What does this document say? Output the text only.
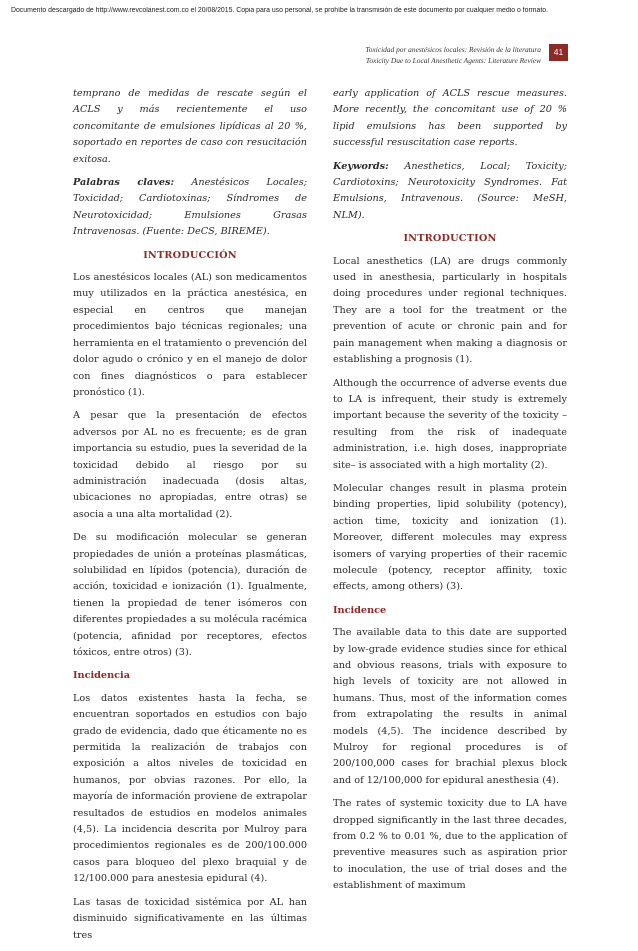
Documento descargado de http://www.revcolanest.com.co el 20/08/2015. Copia para uso personal, se prohíbe la transmisión de este documento por cualquier medio o formato.
Toxicidad por anestésicos locales: Revisión de la literatura
Toxicity Due to Local Anesthetic Agents: Literature Review
41

temprano de medidas de rescate según el ACLS y más recientemente el uso concomitante de emulsiones lipídicas al 20 %, soportado en reportes de caso con resucitación exitosa.

Palabras claves: Anestésicos Locales; Toxicidad; Cardiotoxinas; Síndromes de Neurotoxicidad; Emulsiones Grasas Intravenosas. (Fuente: DeCS, BIREME).

INTRODUCCIÓN

Los anestésicos locales (AL) son medicamentos muy utilizados en la práctica anestésica, en especial en centros que manejan procedimientos bajo técnicas regionales; una herramienta en el tratamiento o prevención del dolor agudo o crónico y en el manejo de dolor con fines diagnósticos o para establecer pronóstico (1).

A pesar que la presentación de efectos adversos por AL no es frecuente; es de gran importancia su estudio, pues la severidad de la toxicidad debido al riesgo por su administración inadecuada (dosis altas, ubicaciones no apropiadas, entre otras) se asocia a una alta mortalidad (2).

De su modificación molecular se generan propiedades de unión a proteínas plasmáticas, solubilidad en lípidos (potencia), duración de acción, toxicidad e ionización (1). Igualmente, tienen la propiedad de tener isómeros con diferentes propiedades a su molécula racémica (potencia, afinidad por receptores, efectos tóxicos, entre otros) (3).

Incidencia

Los datos existentes hasta la fecha, se encuentran soportados en estudios con bajo grado de evidencia, dado que éticamente no es permitida la realización de trabajos con exposición a altos niveles de toxicidad en humanos, por obvias razones. Por ello, la mayoría de información proviene de extrapolar resultados de estudios en modelos animales (4,5). La incidencia descrita por Mulroy para procedimientos regionales es de 200/100.000 casos para bloqueo del plexo braquial y de 12/100.000 para anestesia epidural (4).

Las tasas de toxicidad sistémica por AL han disminuido significativamente en las últimas tres

early application of ACLS rescue measures. More recently, the concomitant use of 20 % lipid emulsions has been supported by successful resuscitation case reports.

Keywords: Anesthetics, Local; Toxicity; Cardiotoxins; Neurotoxicity Syndromes. Fat Emulsions, Intravenous. (Source: MeSH, NLM).

INTRODUCTION

Local anesthetics (LA) are drugs commonly used in anesthesia, particularly in hospitals doing procedures under regional techniques. They are a tool for the treatment or the prevention of acute or chronic pain and for pain management when making a diagnosis or establishing a prognosis (1).

Although the occurrence of adverse events due to LA is infrequent, their study is extremely important because the severity of the toxicity –resulting from the risk of inadequate administration, i.e. high doses, inappropriate site– is associated with a high mortality (2).

Molecular changes result in plasma protein binding properties, lipid solubility (potency), action time, toxicity and ionization (1). Moreover, different molecules may express isomers of varying properties of their racemic molecule (potency, receptor affinity, toxic effects, among others) (3).

Incidence

The available data to this date are supported by low-grade evidence studies since for ethical and obvious reasons, trials with exposure to high levels of toxicity are not allowed in humans. Thus, most of the information comes from extrapolating the results in animal models (4,5). The incidence described by Mulroy for regional procedures is of 200/100,000 cases for brachial plexus block and of 12/100,000 for epidural anesthesia (4).

The rates of systemic toxicity due to LA have dropped significantly in the last three decades, from 0.2 % to 0.01 %, due to the application of preventive measures such as aspiration prior to inoculation, the use of trial doses and the establishment of maximum
